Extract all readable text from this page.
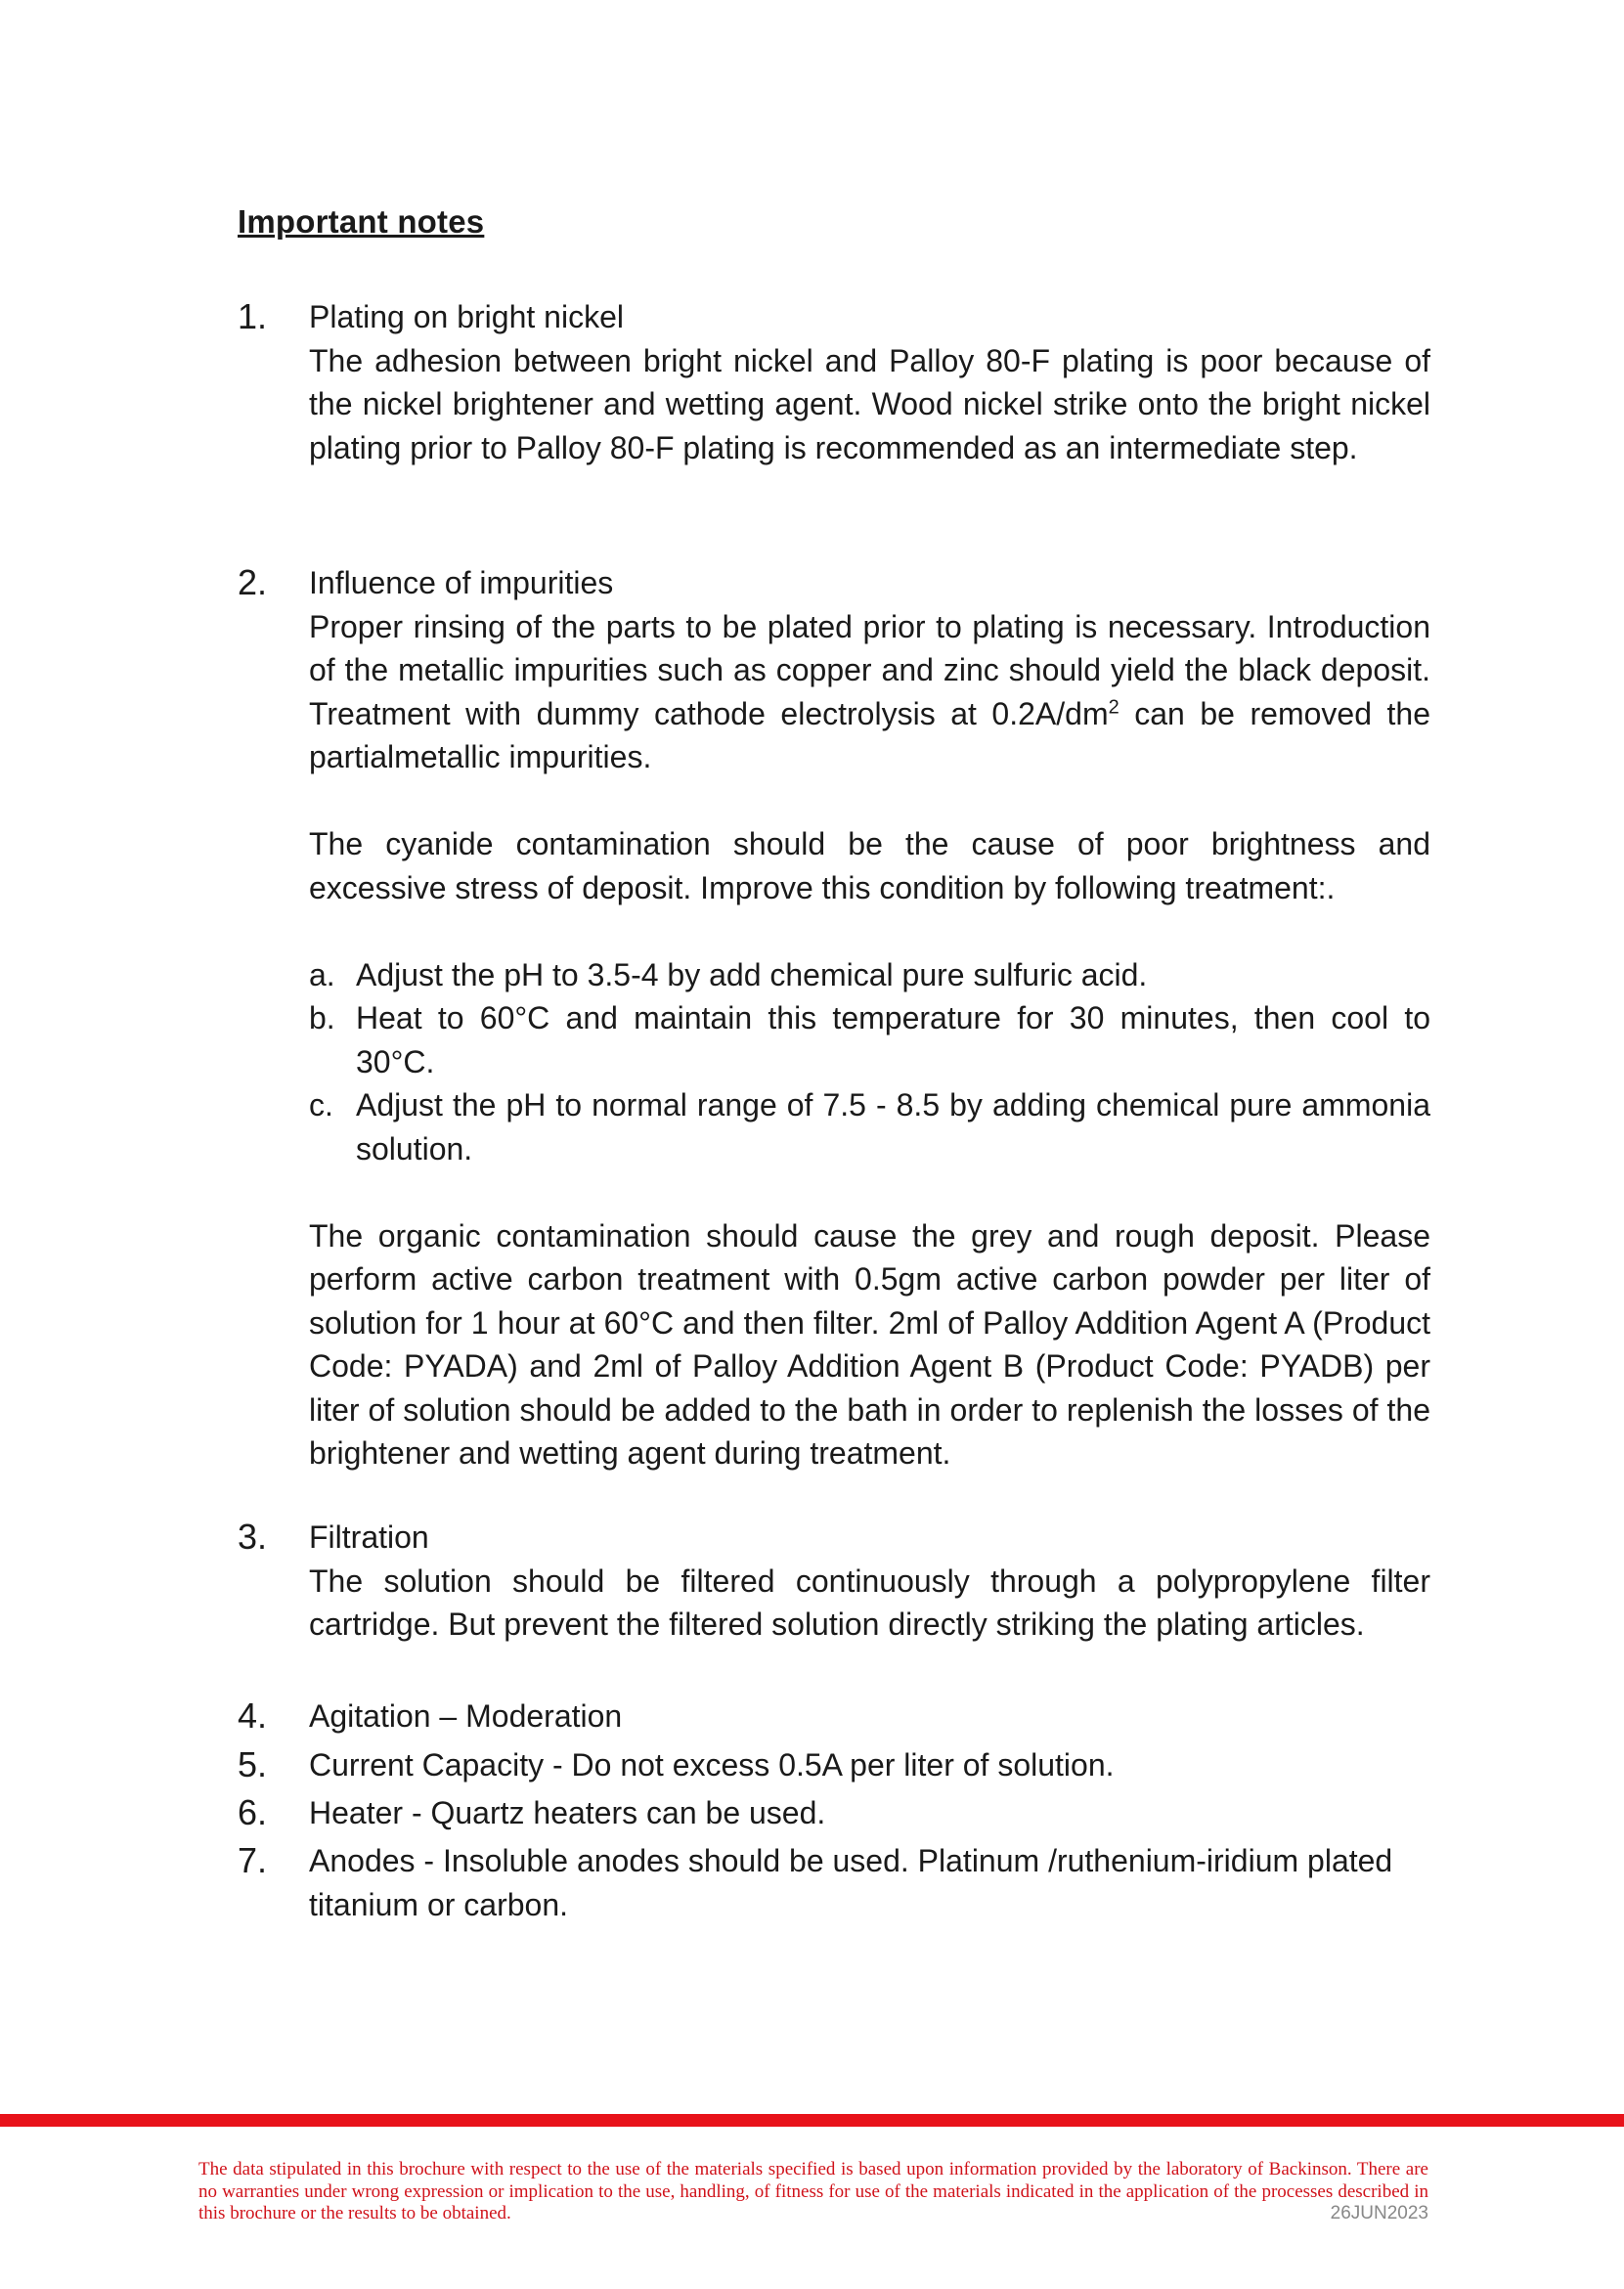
Important notes
1. Plating on bright nickel

The adhesion between bright nickel and Palloy 80-F plating is poor because of the nickel brightener and wetting agent. Wood nickel strike onto the bright nickel plating prior to Palloy 80-F plating is recommended as an intermediate step.

2. Influence of impurities

Proper rinsing of the parts to be plated prior to plating is necessary. Introduction of the metallic impurities such as copper and zinc should yield the black deposit. Treatment with dummy cathode electrolysis at $0.2A/dm^2$ can be removed the partialmetallic impurities.

The cyanide contamination should be the cause of poor brightness and excessive stress of deposit. Improve this condition by following treatment:.

a. Adjust the pH to 3.5-4 by add chemical pure sulfuric acid.
b. Heat to 60°C and maintain this temperature for 30 minutes, then cool to 30°C.
c. Adjust the pH to normal range of 7.5 - 8.5 by adding chemical pure ammonia solution.

The organic contamination should cause the grey and rough deposit. Please perform active carbon treatment with 0.5gm active carbon powder per liter of solution for 1 hour at 60°C and then filter. 2ml of Palloy Addition Agent A (Product Code: PYADA) and 2ml of Palloy Addition Agent B (Product Code: PYADB) per liter of solution should be added to the bath in order to replenish the losses of the brightener and wetting agent during treatment.

3. Filtration

The solution should be filtered continuously through a polypropylene filter cartridge. But prevent the filtered solution directly striking the plating articles.

4. Agitation – Moderation

5. Current Capacity - Do not excess 0.5A per liter of solution.

6. Heater - Quartz heaters can be used.

7. Anodes - Insoluble anodes should be used. Platinum /ruthenium-iridium plated titanium or carbon.

The data stipulated in this brochure with respect to the use of the materials specified is based upon information provided by the laboratory of Backinson. There are no warranties under wrong expression or implication to the use, handling, of fitness for use of the materials indicated in the application of the processes described in this brochure or the results to be obtained.	26JUN2023
